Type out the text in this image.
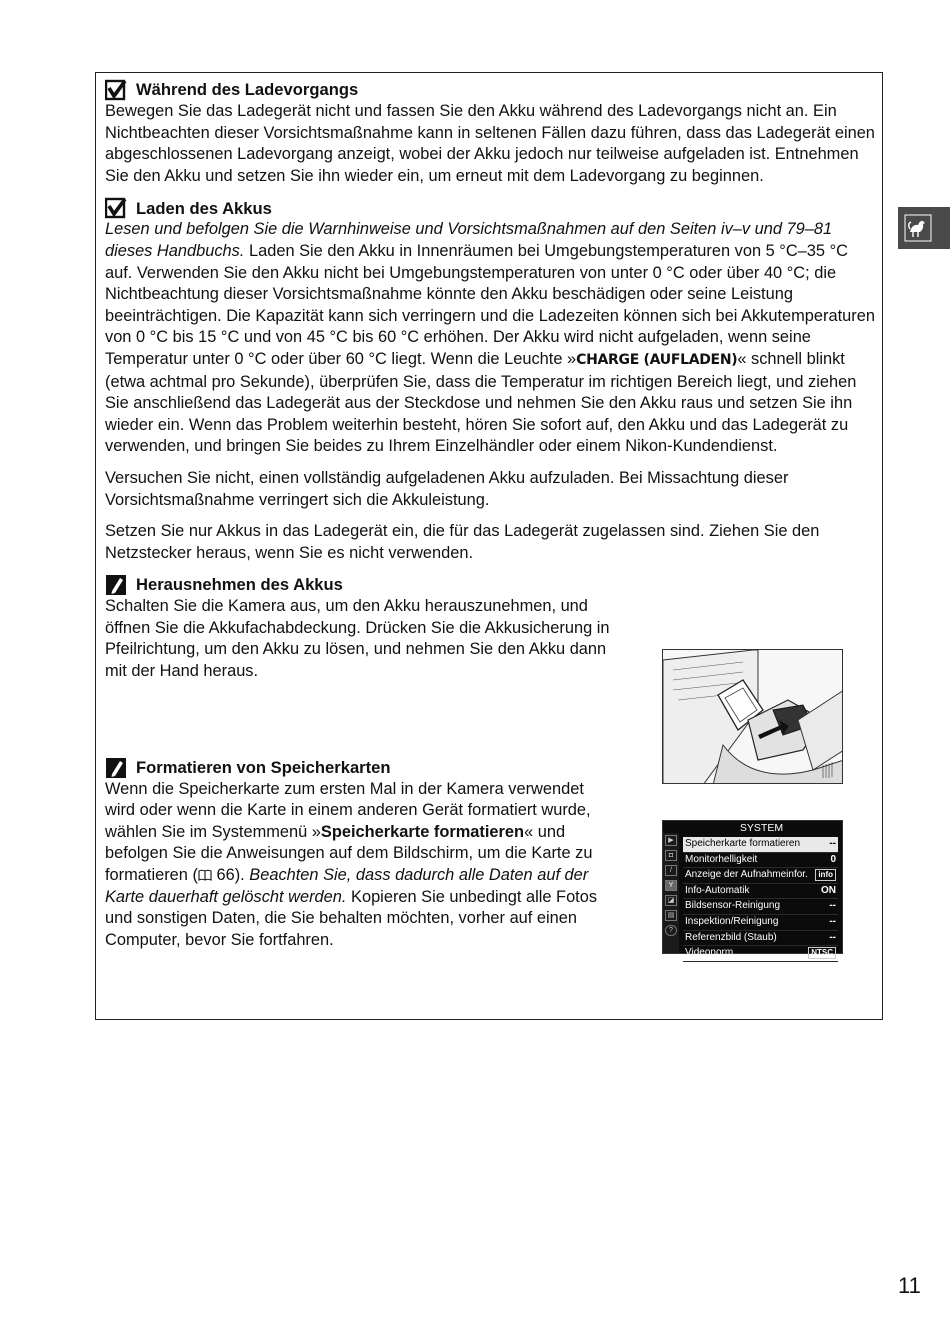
Während des Ladevorgangs

Bewegen Sie das Ladegerät nicht und fassen Sie den Akku während des Ladevorgangs nicht an. Ein Nichtbeachten dieser Vorsichtsmaßnahme kann in seltenen Fällen dazu führen, dass das Ladegerät einen abgeschlossenen Ladevorgang anzeigt, wobei der Akku jedoch nur teilweise aufgeladen ist. Entnehmen Sie den Akku und setzen Sie ihn wieder ein, um erneut mit dem Ladevorgang zu beginnen.

Laden des Akkus

Lesen und befolgen Sie die Warnhinweise und Vorsichtsmaßnahmen auf den Seiten iv–v und 79–81 dieses Handbuchs. Laden Sie den Akku in Innenräumen bei Umgebungstemperaturen von 5 °C–35 °C auf. Verwenden Sie den Akku nicht bei Umgebungstemperaturen von unter 0 °C oder über 40 °C; die Nichtbeachtung dieser Vorsichtsmaßnahme könnte den Akku beschädigen oder seine Leistung beeinträchtigen. Die Kapazität kann sich verringern und die Ladezeiten können sich bei Akkutemperaturen von 0 °C bis 15 °C und von 45 °C bis 60 °C erhöhen. Der Akku wird nicht aufgeladen, wenn seine Temperatur unter 0 °C oder über 60 °C liegt. Wenn die Leuchte »CHARGE (AUFLADEN)« schnell blinkt (etwa achtmal pro Sekunde), überprüfen Sie, dass die Temperatur im richtigen Bereich liegt, und ziehen Sie anschließend das Ladegerät aus der Steckdose und nehmen Sie den Akku raus und setzen Sie ihn wieder ein. Wenn das Problem weiterhin besteht, hören Sie sofort auf, den Akku und das Ladegerät zu verwenden, und bringen Sie beides zu Ihrem Einzelhändler oder einem Nikon-Kundendienst.

Versuchen Sie nicht, einen vollständig aufgeladenen Akku aufzuladen. Bei Missachtung dieser Vorsichtsmaßnahme verringert sich die Akkuleistung.

Setzen Sie nur Akkus in das Ladegerät ein, die für das Ladegerät zugelassen sind. Ziehen Sie den Netzstecker heraus, wenn Sie es nicht verwenden.

Herausnehmen des Akkus

Schalten Sie die Kamera aus, um den Akku herauszunehmen, und öffnen Sie die Akkufachabdeckung. Drücken Sie die Akkusicherung in Pfeilrichtung, um den Akku zu lösen, und nehmen Sie den Akku dann mit der Hand heraus.

Formatieren von Speicherkarten

Wenn die Speicherkarte zum ersten Mal in der Kamera verwendet wird oder wenn die Karte in einem anderen Gerät formatiert wurde, wählen Sie im Systemmenü »Speicherkarte formatieren« und befolgen Sie die Anweisungen auf dem Bildschirm, um die Karte zu formatieren ( 66). Beachten Sie, dass dadurch alle Daten auf der Karte dauerhaft gelöscht werden. Kopieren Sie unbedingt alle Fotos und sonstigen Daten, die Sie behalten möchten, vorher auf einen Computer, bevor Sie fortfahren.

SYSTEM
▶
◘
/
Y
◪
▤
?
Speicherkarte formatieren	--
Monitorhelligkeit	0
Anzeige der Aufnahmeinfor.	info
Info-Automatik	ON
Bildsensor-Reinigung	--
Inspektion/Reinigung	--
Referenzbild (Staub)	--
Videonorm	NTSC
11
